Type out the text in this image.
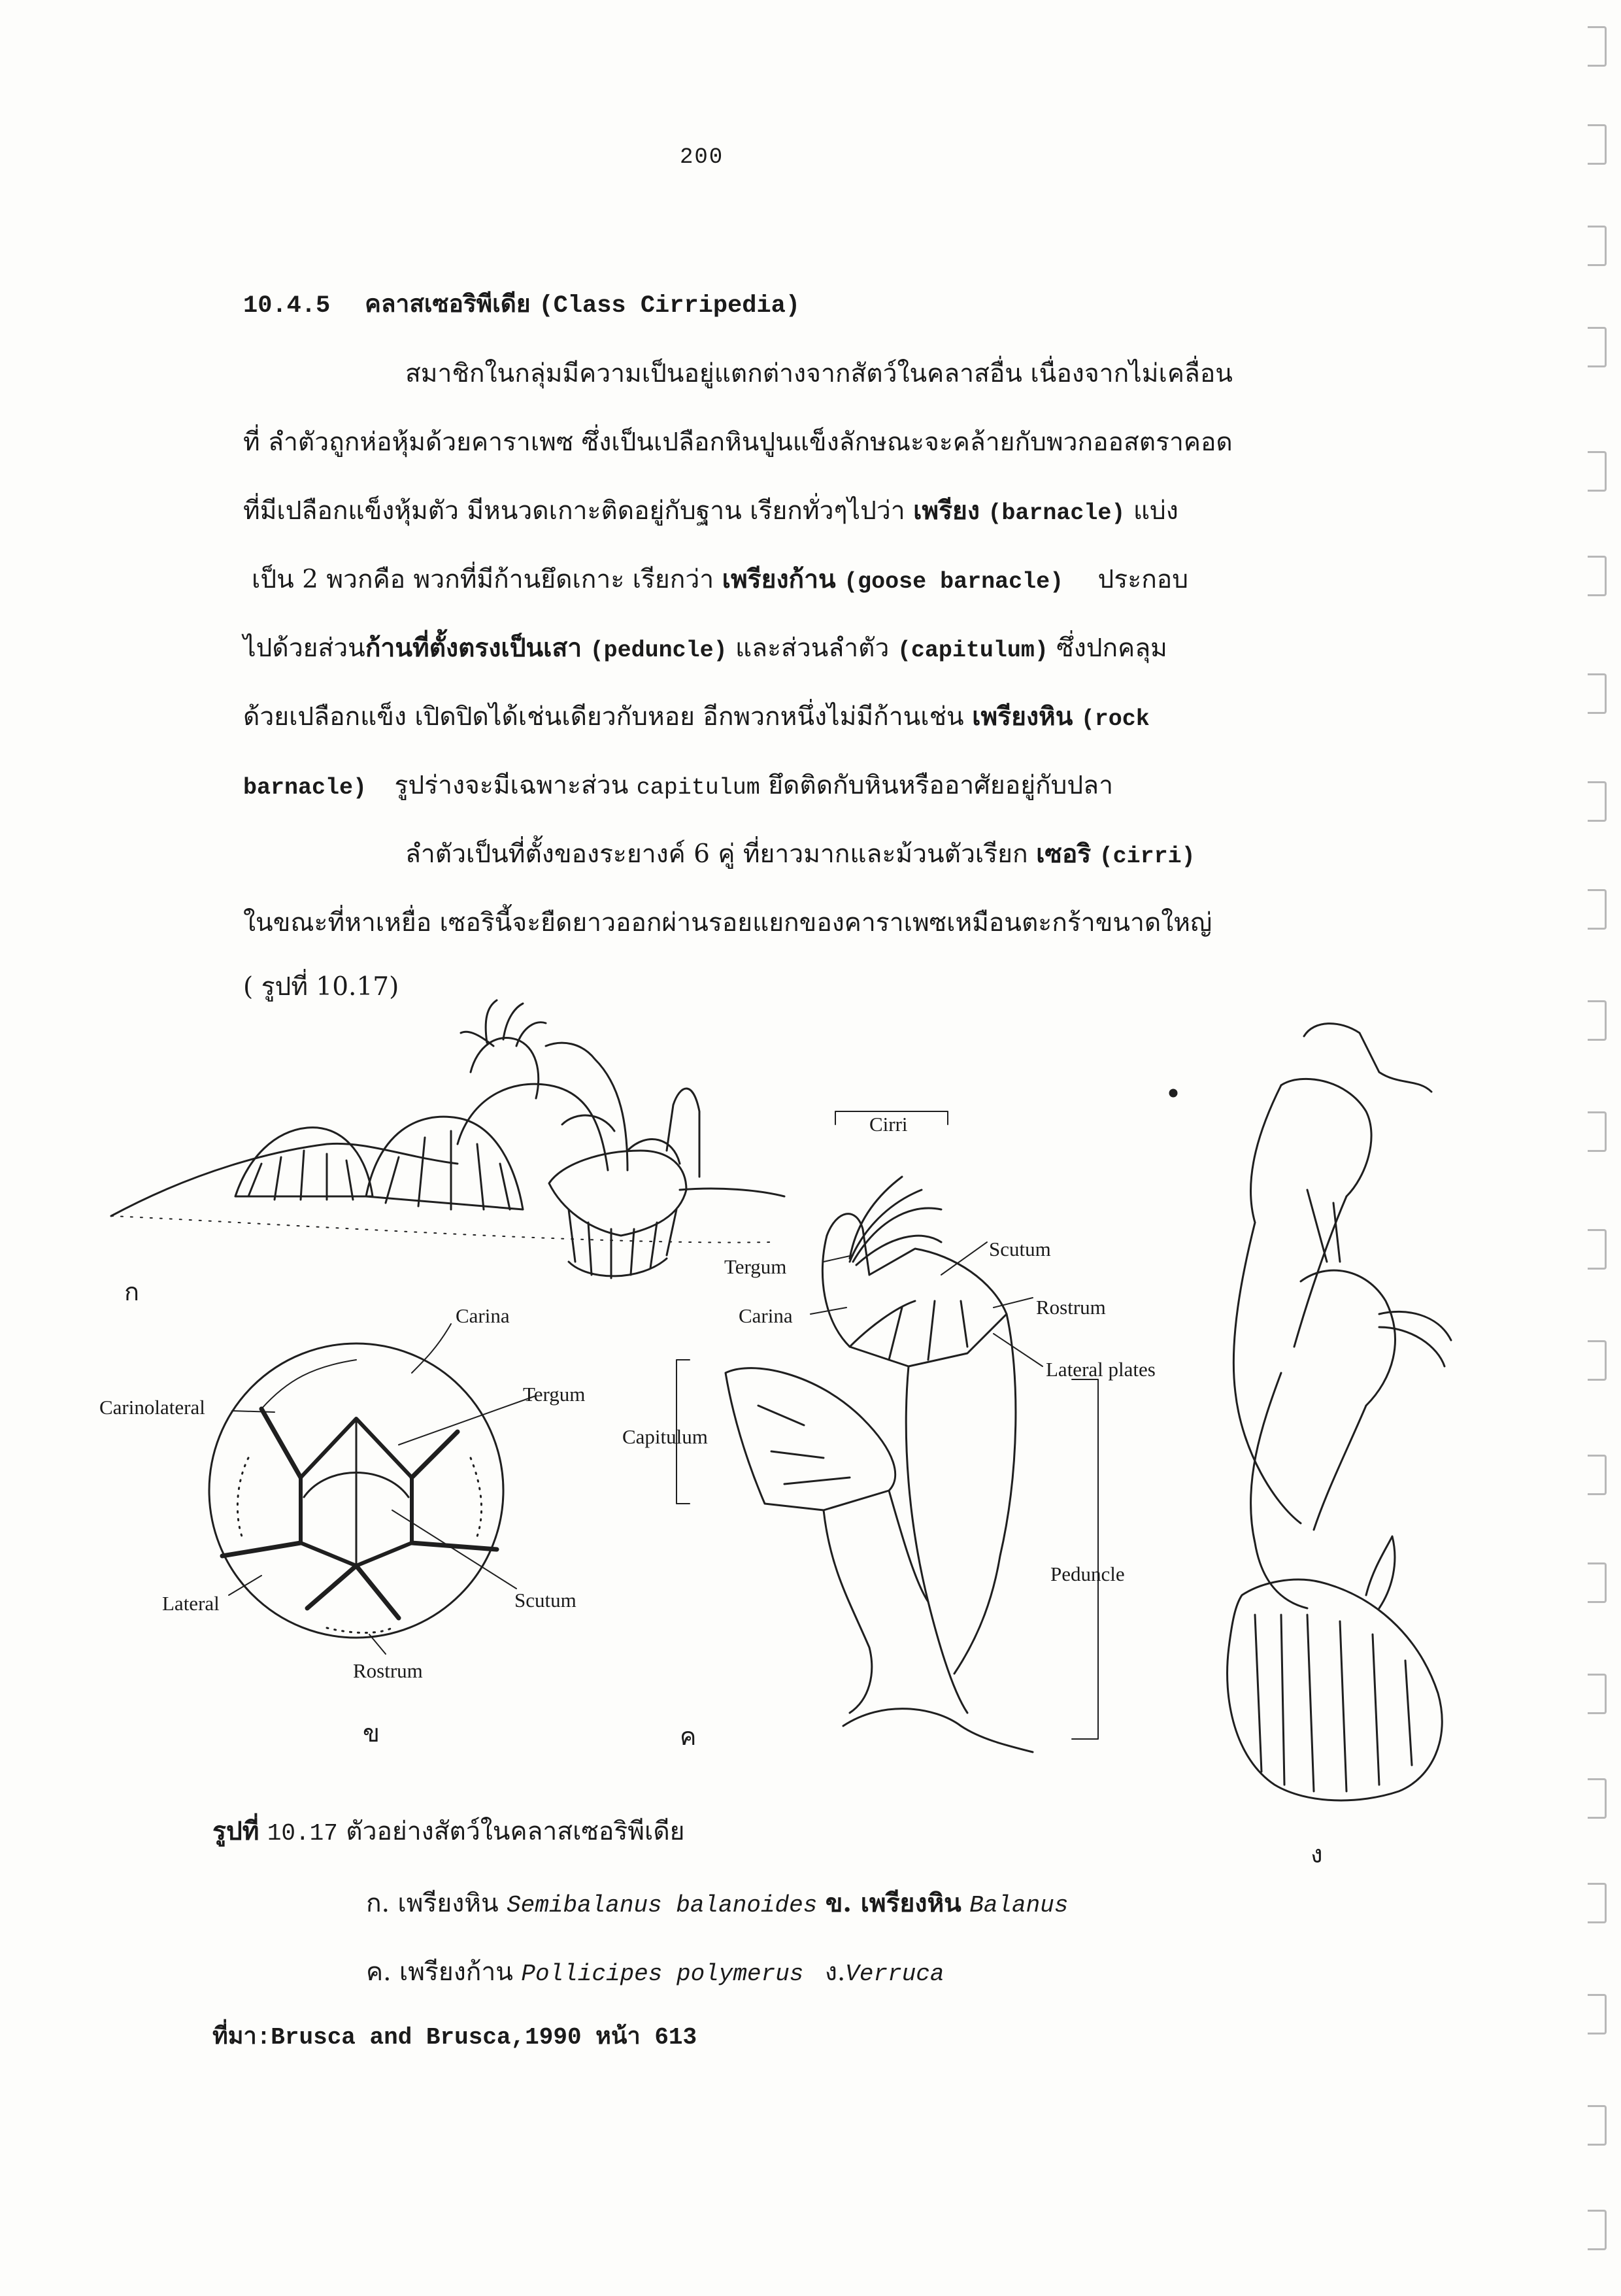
200
10.4.5 คลาสเซอริพีเดีย (Class Cirripedia)
สมาชิกในกลุ่มมีความเป็นอยู่แตกต่างจากสัตว์ในคลาสอื่น เนื่องจากไม่เคลื่อน
ที่ ลำตัวถูกห่อหุ้มด้วยคาราเพซ ซึ่งเป็นเปลือกหินปูนแข็งลักษณะจะคล้ายกับพวกออสตราคอด
ที่มีเปลือกแข็งหุ้มตัว มีหนวดเกาะติดอยู่กับฐาน เรียกทั่วๆไปว่า เพรียง (barnacle) แบ่ง
เป็น 2 พวกคือ พวกที่มีก้านยึดเกาะ เรียกว่า เพรียงก้าน (goose barnacle) ประกอบ
ไปด้วยส่วนก้านที่ตั้งตรงเป็นเสา (peduncle) และส่วนลำตัว (capitulum) ซึ่งปกคลุม
ด้วยเปลือกแข็ง เปิดปิดได้เช่นเดียวกับหอย อีกพวกหนึ่งไม่มีก้านเช่น เพรียงหิน (rock
barnacle) รูปร่างจะมีเฉพาะส่วน capitulum ยึดติดกับหินหรืออาศัยอยู่กับปลา
ลำตัวเป็นที่ตั้งของระยางค์ 6 คู่ ที่ยาวมากและม้วนตัวเรียก เซอริ (cirri)
ในขณะที่หาเหยื่อ เซอรินี้จะยืดยาวออกผ่านรอยแยกของคาราเพซเหมือนตะกร้าขนาดใหญ่
( รูปที่ 10.17)
ก
ข	ค
ง
Carina
Carinolateral
Tergum
Lateral	Scutum
Rostrum
Cirri
Scutum
Tergum
Carina	Rostrum
Lateral plates
Capitulum
Peduncle
รูปที่ 10.17 ตัวอย่างสัตว์ในคลาสเซอริพีเดีย
ก. เพรียงหิน Semibalanus balanoides ข. เพรียงหิน Balanus
ค. เพรียงก้าน Pollicipes polymerus ง.Verruca
ที่มา:Brusca and Brusca,1990 หน้า 613
